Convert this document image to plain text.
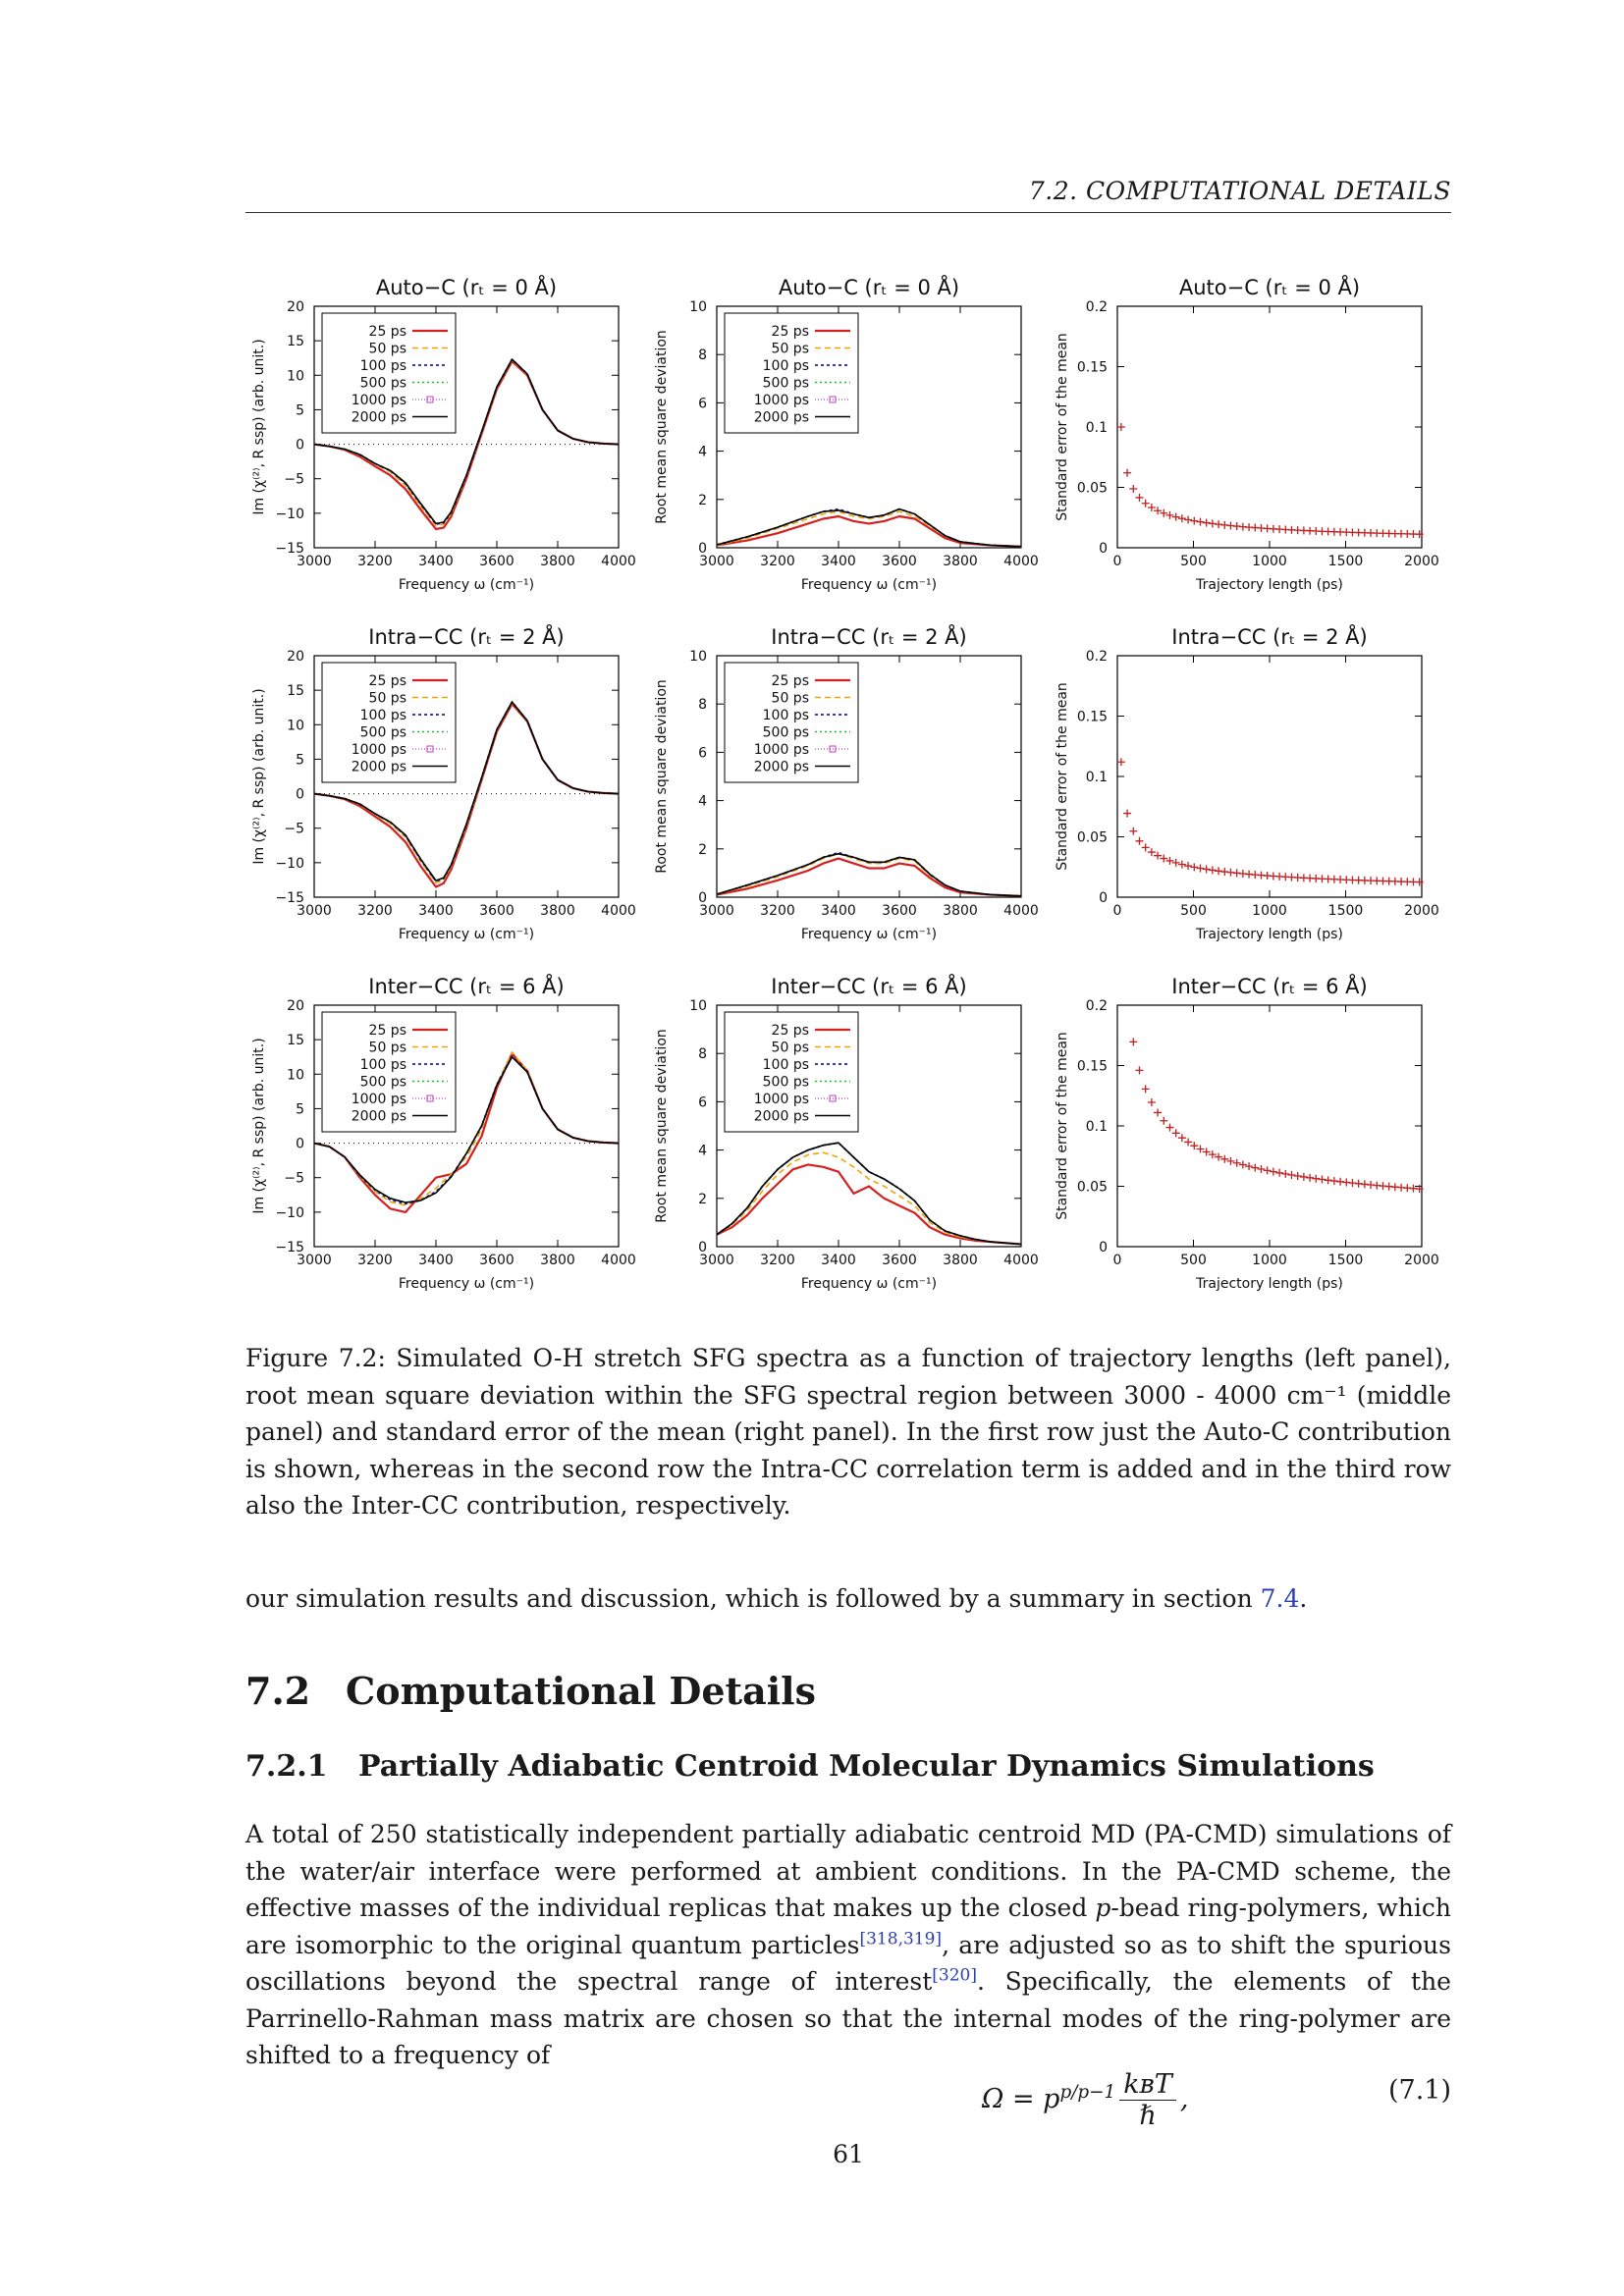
7.2. COMPUTATIONAL DETAILS
Auto−C (rₜ = 0 Å)
3000 3200 3400 3600 3800 4000
−15
−10
−5
0
5
10
15
20
Frequency ω (cm⁻¹)
Im (χ⁽²⁾, R ssp) (arb. unit.)
25 ps
50 ps
100 ps
500 ps
1000 ps
2000 ps
Auto−C (rₜ = 0 Å)
3000 3200 3400 3600 3800 4000
0
2
4
6
8
10
Frequency ω (cm⁻¹)
Root mean square deviation	25 ps
50 ps
100 ps
500 ps
1000 ps
2000 ps
Auto−C (rₜ = 0 Å)
0	500	1000	1500	2000
0
0.05
0.1
0.15
0.2
Trajectory length (ps)
Standard error of the mean
Intra−CC (rₜ = 2 Å)
3000 3200 3400 3600 3800 4000
−15
−10
−5
0
5
10
15
20
Frequency ω (cm⁻¹)
Im (χ⁽²⁾, R ssp) (arb. unit.)
25 ps
50 ps
100 ps
500 ps
1000 ps
2000 ps
Intra−CC (rₜ = 2 Å)
3000 3200 3400 3600 3800 4000
0
2
4
6
8
10
Frequency ω (cm⁻¹)
Root mean square deviation	25 ps
50 ps
100 ps
500 ps
1000 ps
2000 ps
Intra−CC (rₜ = 2 Å)
0	500	1000	1500	2000
0
0.05
0.1
0.15
0.2
Trajectory length (ps)
Standard error of the mean
Inter−CC (rₜ = 6 Å)
3000 3200 3400 3600 3800 4000
−15
−10
−5
0
5
10
15
20
Frequency ω (cm⁻¹)
Im (χ⁽²⁾, R ssp) (arb. unit.)
25 ps
50 ps
100 ps
500 ps
1000 ps
2000 ps
Inter−CC (rₜ = 6 Å)
3000 3200 3400 3600 3800 4000
0
2
4
6
8
10
Frequency ω (cm⁻¹)
Root mean square deviation	25 ps
50 ps
100 ps
500 ps
1000 ps
2000 ps
Inter−CC (rₜ = 6 Å)
0	500	1000	1500	2000
0
0.05
0.1
0.15
0.2
Trajectory length (ps)
Standard error of the mean
Figure 7.2: Simulated O-H stretch SFG spectra as a function of trajectory lengths (left panel), root mean square deviation within the SFG spectral region between 3000 - 4000 cm⁻¹ (middle panel) and standard error of the mean (right panel). In the first row just the Auto-C contribution is shown, whereas in the second row the Intra-CC correlation term is added and in the third row also the Inter-CC contribution, respectively.
our simulation results and discussion, which is followed by a summary in section 7.4.
7.2 Computational Details
7.2.1 Partially Adiabatic Centroid Molecular Dynamics Simulations
A total of 250 statistically independent partially adiabatic centroid MD (PA-CMD) simulations of the water/air interface were performed at ambient conditions. In the PA-CMD scheme, the effective masses of the individual replicas that makes up the closed p-bead ring-polymers, which are isomorphic to the original quantum particles[318,319], are adjusted so as to shift the spurious oscillations beyond the spectral range of interest[320]. Specifically, the elements of the Parrinello-Rahman mass matrix are chosen so that the internal modes of the ring-polymer are shifted to a frequency of
$\Omega = p^{p/p-1} \frac{\text{kʙT}}{\text{ℏ}}$ ,	(7.1)
61
